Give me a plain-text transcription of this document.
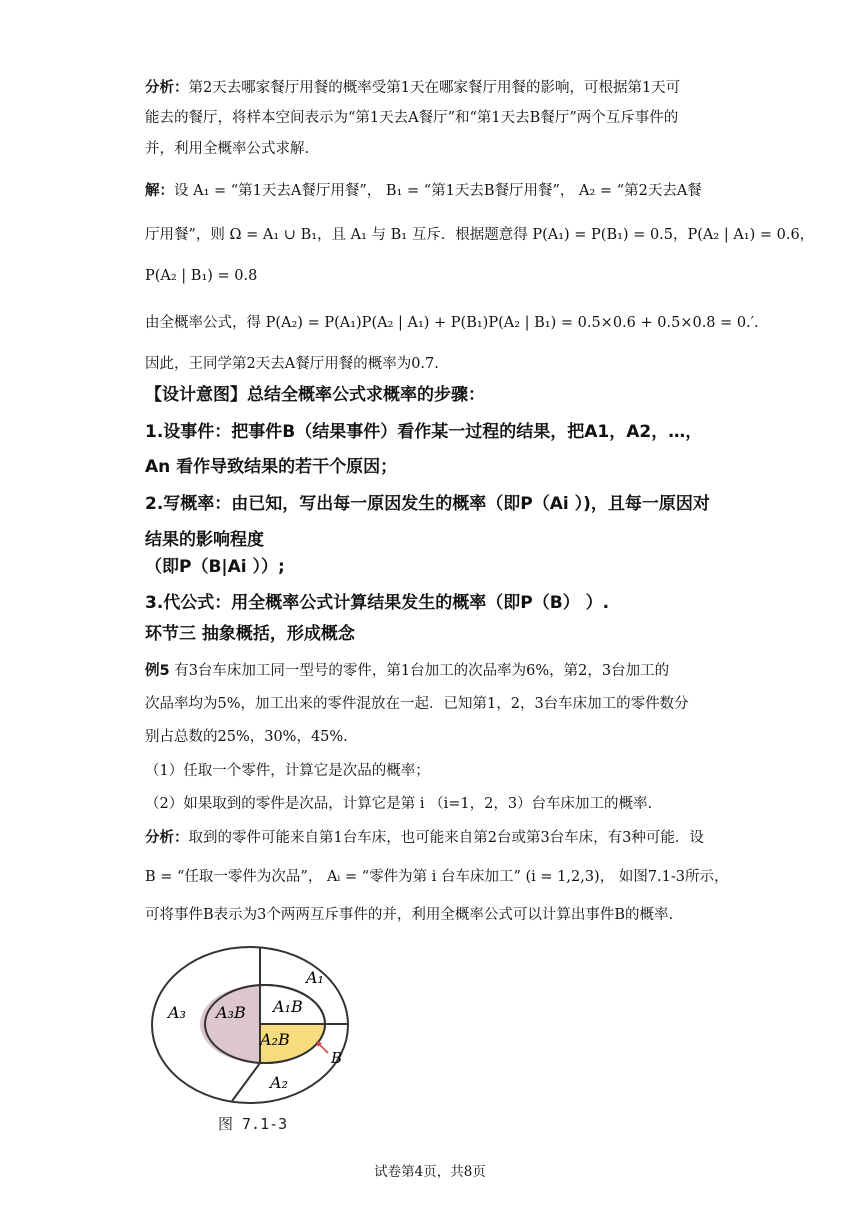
分析：第2天去哪家餐厅用餐的概率受第1天在哪家餐厅用餐的影响，可根据第1天可
能去的餐厅，将样本空间表示为“第1天去A餐厅”和“第1天去B餐厅”两个互斥事件的
并，利用全概率公式求解.
解：设 A₁ = “第1天去A餐厅用餐”， B₁ = “第1天去B餐厅用餐”， A₂ = “第2天去A餐
厅用餐”，则 Ω = A₁ ∪ B₁，且 A₁ 与 B₁ 互斥．根据题意得 P(A₁) = P(B₁) = 0.5，P(A₂ | A₁) = 0.6，
P(A₂ | B₁) = 0.8
由全概率公式，得 P(A₂) = P(A₁)P(A₂ | A₁) + P(B₁)P(A₂ | B₁) = 0.5×0.6 + 0.5×0.8 = 0.′.
因此，王同学第2天去A餐厅用餐的概率为0.7.
【设计意图】总结全概率公式求概率的步骤：
1.设事件：把事件B（结果事件）看作某一过程的结果，把A1，A2，…，
An 看作导致结果的若干个原因；
2.写概率：由已知，写出每一原因发生的概率（即P（Ai ）)，且每一原因对
结果的影响程度
（即P（B|Ai ））;
3.代公式：用全概率公式计算结果发生的概率（即P（B） ）.
环节三 抽象概括，形成概念
例5 有3台车床加工同一型号的零件，第1台加工的次品率为6%，第2，3台加工的
次品率均为5%，加工出来的零件混放在一起．已知第1，2，3台车床加工的零件数分
别占总数的25%，30%，45%.
（1）任取一个零件，计算它是次品的概率；
（2）如果取到的零件是次品，计算它是第 i （i=1，2，3）台车床加工的概率.
分析：取到的零件可能来自第1台车床，也可能来自第2台或第3台车床，有3种可能．设
B = “任取一零件为次品”， Aᵢ = “零件为第 i 台车床加工” (i = 1,2,3)， 如图7.1-3所示，
可将事件B表示为3个两两互斥事件的并，利用全概率公式可以计算出事件B的概率.
A₁
A₃
A₂
A₃B A₁B
A₂B
B
图 7.1-3
试卷第4页，共8页
